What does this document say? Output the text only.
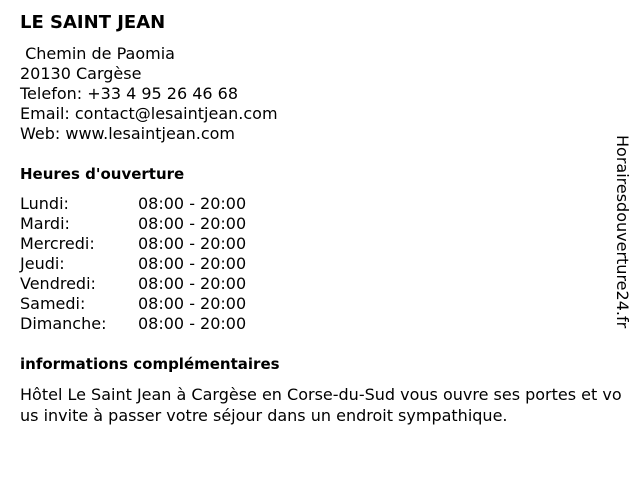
LE SAINT JEAN
Chemin de Paomia
20130 Cargèse
Telefon: +33 4 95 26 46 68
Email: contact@lesaintjean.com
Web: www.lesaintjean.com
Heures d'ouverture
Lundi:	08:00 - 20:00
Mardi:	08:00 - 20:00
Mercredi:	08:00 - 20:00
Jeudi:	08:00 - 20:00
Vendredi:	08:00 - 20:00
Samedi:	08:00 - 20:00
Dimanche: 08:00 - 20:00
informations complémentaires

Hôtel Le Saint Jean à Cargèse en Corse-du-Sud vous ouvre ses portes et vous invite à passer votre séjour dans un endroit sympathique.

Horairesdouverture24.fr
